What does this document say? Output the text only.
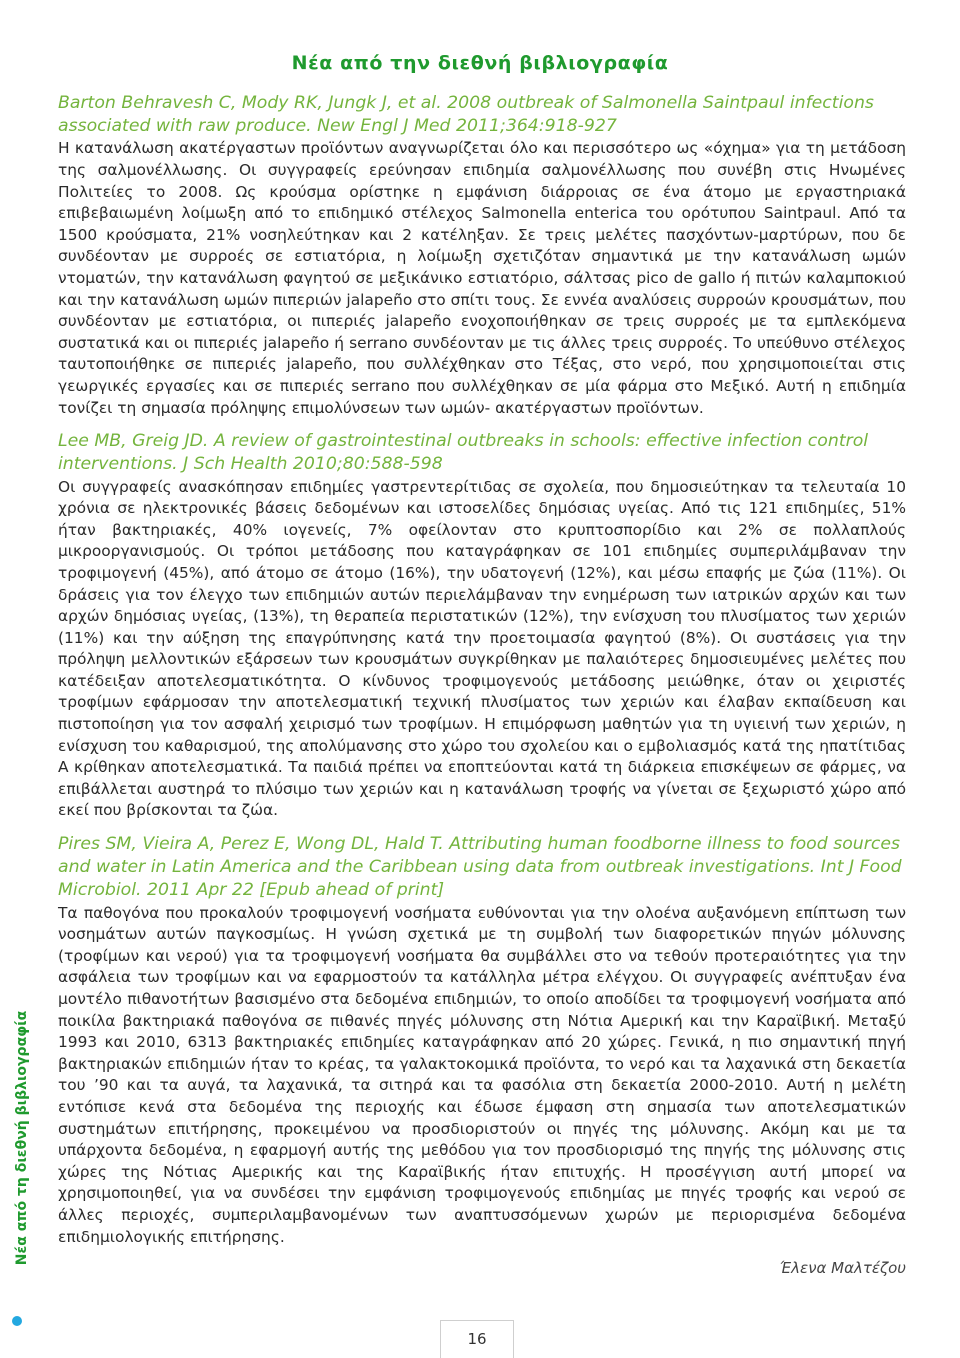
Νέα από την διεθνή βιβλιογραφία

Barton Behravesh C, Mody RK, Jungk J, et al. 2008 outbreak of Salmonella Saintpaul infections associated with raw produce. New Engl J Med 2011;364:918-927

Η κατανάλωση ακατέργαστων προϊόντων αναγνωρίζεται όλο και περισσότερο ως «όχημα» για τη μετάδοση της σαλμονέλλωσης. Οι συγγραφείς ερεύνησαν επιδημία σαλμονέλλωσης που συνέβη στις Ηνωμένες Πολιτείες το 2008. Ως κρούσμα ορίστηκε η εμφάνιση διάρροιας σε ένα άτομο με εργαστηριακά επιβεβαιωμένη λοίμωξη από το επιδημικό στέλεχος Salmonella enterica του ορότυπου Saintpaul. Από τα 1500 κρούσματα, 21% νοσηλεύτηκαν και 2 κατέληξαν. Σε τρεις μελέτες πασχόντων-μαρτύρων, που δε συνδέονταν με συρροές σε εστιατόρια, η λοίμωξη σχετιζόταν σημαντικά με την κατανάλωση ωμών ντοματών, την κατανάλωση φαγητού σε μεξικάνικο εστιατόριο, σάλτσας pico de gallo ή πιτών καλαμποκιού και την κατανάλωση ωμών πιπεριών jalapeño στο σπίτι τους. Σε εννέα αναλύσεις συρροών κρουσμάτων, που συνδέονταν με εστιατόρια, οι πιπεριές jalapeño ενοχοποιήθηκαν σε τρεις συρροές με τα εμπλεκόμενα συστατικά και οι πιπεριές jalapeño ή serrano συνδέονταν με τις άλλες τρεις συρροές. Το υπεύθυνο στέλεχος ταυτοποιήθηκε σε πιπεριές jalapeño, που συλλέχθηκαν στο Τέξας, στο νερό, που χρησιμοποιείται στις γεωργικές εργασίες και σε πιπεριές serrano που συλλέχθηκαν σε μία φάρμα στο Μεξικό. Αυτή η επιδημία τονίζει τη σημασία πρόληψης επιμολύνσεων των ωμών- ακατέργαστων προϊόντων.

Lee MB, Greig JD. A review of gastrointestinal outbreaks in schools: effective infection control interventions. J Sch Health 2010;80:588-598

Οι συγγραφείς ανασκόπησαν επιδημίες γαστρεντερίτιδας σε σχολεία, που δημοσιεύτηκαν τα τελευταία 10 χρόνια σε ηλεκτρονικές βάσεις δεδομένων και ιστοσελίδες δημόσιας υγείας. Από τις 121 επιδημίες, 51% ήταν βακτηριακές, 40% ιογενείς, 7% οφείλονταν στο κρυπτοσπορίδιο και 2% σε πολλαπλούς μικροοργανισμούς. Οι τρόποι μετάδοσης που καταγράφηκαν σε 101 επιδημίες συμπεριλάμβαναν την τροφιμογενή (45%), από άτομο σε άτομο (16%), την υδατογενή (12%), και μέσω επαφής με ζώα (11%). Οι δράσεις για τον έλεγχο των επιδημιών αυτών περιελάμβαναν την ενημέρωση των ιατρικών αρχών και των αρχών δημόσιας υγείας, (13%), τη θεραπεία περιστατικών (12%), την ενίσχυση του πλυσίματος των χεριών (11%) και την αύξηση της επαγρύπνησης κατά την προετοιμασία φαγητού (8%). Οι συστάσεις για την πρόληψη μελλοντικών εξάρσεων των κρουσμάτων συγκρίθηκαν με παλαιότερες δημοσιευμένες μελέτες που κατέδειξαν αποτελεσματικότητα. Ο κίνδυνος τροφιμογενούς μετάδοσης μειώθηκε, όταν οι χειριστές τροφίμων εφάρμοσαν την αποτελεσματική τεχνική πλυσίματος των χεριών και έλαβαν εκπαίδευση και πιστοποίηση για τον ασφαλή χειρισμό των τροφίμων. Η επιμόρφωση μαθητών για τη υγιεινή των χεριών, η ενίσχυση του καθαρισμού, της απολύμανσης στο χώρο του σχολείου και ο εμβολιασμός κατά της ηπατίτιδας Α κρίθηκαν αποτελεσματικά. Τα παιδιά πρέπει να εποπτεύονται κατά τη διάρκεια επισκέψεων σε φάρμες, να επιβάλλεται αυστηρά το πλύσιμο των χεριών και η κατανάλωση τροφής να γίνεται σε ξεχωριστό χώρο από εκεί που βρίσκονται τα ζώα.

Pires SM, Vieira A, Perez E, Wong DL, Hald T. Attributing human foodborne illness to food sources and water in Latin America and the Caribbean using data from outbreak investigations. Int J Food Microbiol. 2011 Apr 22 [Epub ahead of print]

Τα παθογόνα που προκαλούν τροφιμογενή νοσήματα ευθύνονται για την ολοένα αυξανόμενη επίπτωση των νοσημάτων αυτών παγκοσμίως. Η γνώση σχετικά με τη συμβολή των διαφορετικών πηγών μόλυνσης (τροφίμων και νερού) για τα τροφιμογενή νοσήματα θα συμβάλλει στο να τεθούν προτεραιότητες για την ασφάλεια των τροφίμων και να εφαρμοστούν τα κατάλληλα μέτρα ελέγχου. Οι συγγραφείς ανέπτυξαν ένα μοντέλο πιθανοτήτων βασισμένο στα δεδομένα επιδημιών, το οποίο αποδίδει τα τροφιμογενή νοσήματα από ποικίλα βακτηριακά παθογόνα σε πιθανές πηγές μόλυνσης στη Νότια Αμερική και την Καραϊβική. Μεταξύ 1993 και 2010, 6313 βακτηριακές επιδημίες καταγράφηκαν από 20 χώρες. Γενικά, η πιο σημαντική πηγή βακτηριακών επιδημιών ήταν το κρέας, τα γαλακτοκομικά προϊόντα, το νερό και τα λαχανικά στη δεκαετία του ’90 και τα αυγά, τα λαχανικά, τα σιτηρά και τα φασόλια στη δεκαετία 2000-2010. Αυτή η μελέτη εντόπισε κενά στα δεδομένα της περιοχής και έδωσε έμφαση στη σημασία των αποτελεσματικών συστημάτων επιτήρησης, προκειμένου να προσδιοριστούν οι πηγές της μόλυνσης. Ακόμη και με τα υπάρχοντα δεδομένα, η εφαρμογή αυτής της μεθόδου για τον προσδιορισμό της πηγής της μόλυνσης στις χώρες της Νότιας Αμερικής και της Καραϊβικής ήταν επιτυχής. Η προσέγγιση αυτή μπορεί να χρησιμοποιηθεί, για να συνδέσει την εμφάνιση τροφιμογενούς επιδημίας με πηγές τροφής και νερού σε άλλες περιοχές, συμπεριλαμβανομένων των αναπτυσσόμενων χωρών με περιορισμένα δεδομένα επιδημιολογικής επιτήρησης.

Έλενα Μαλτέζου
Νέα από τη διεθνή βιβλιογραφία
16
